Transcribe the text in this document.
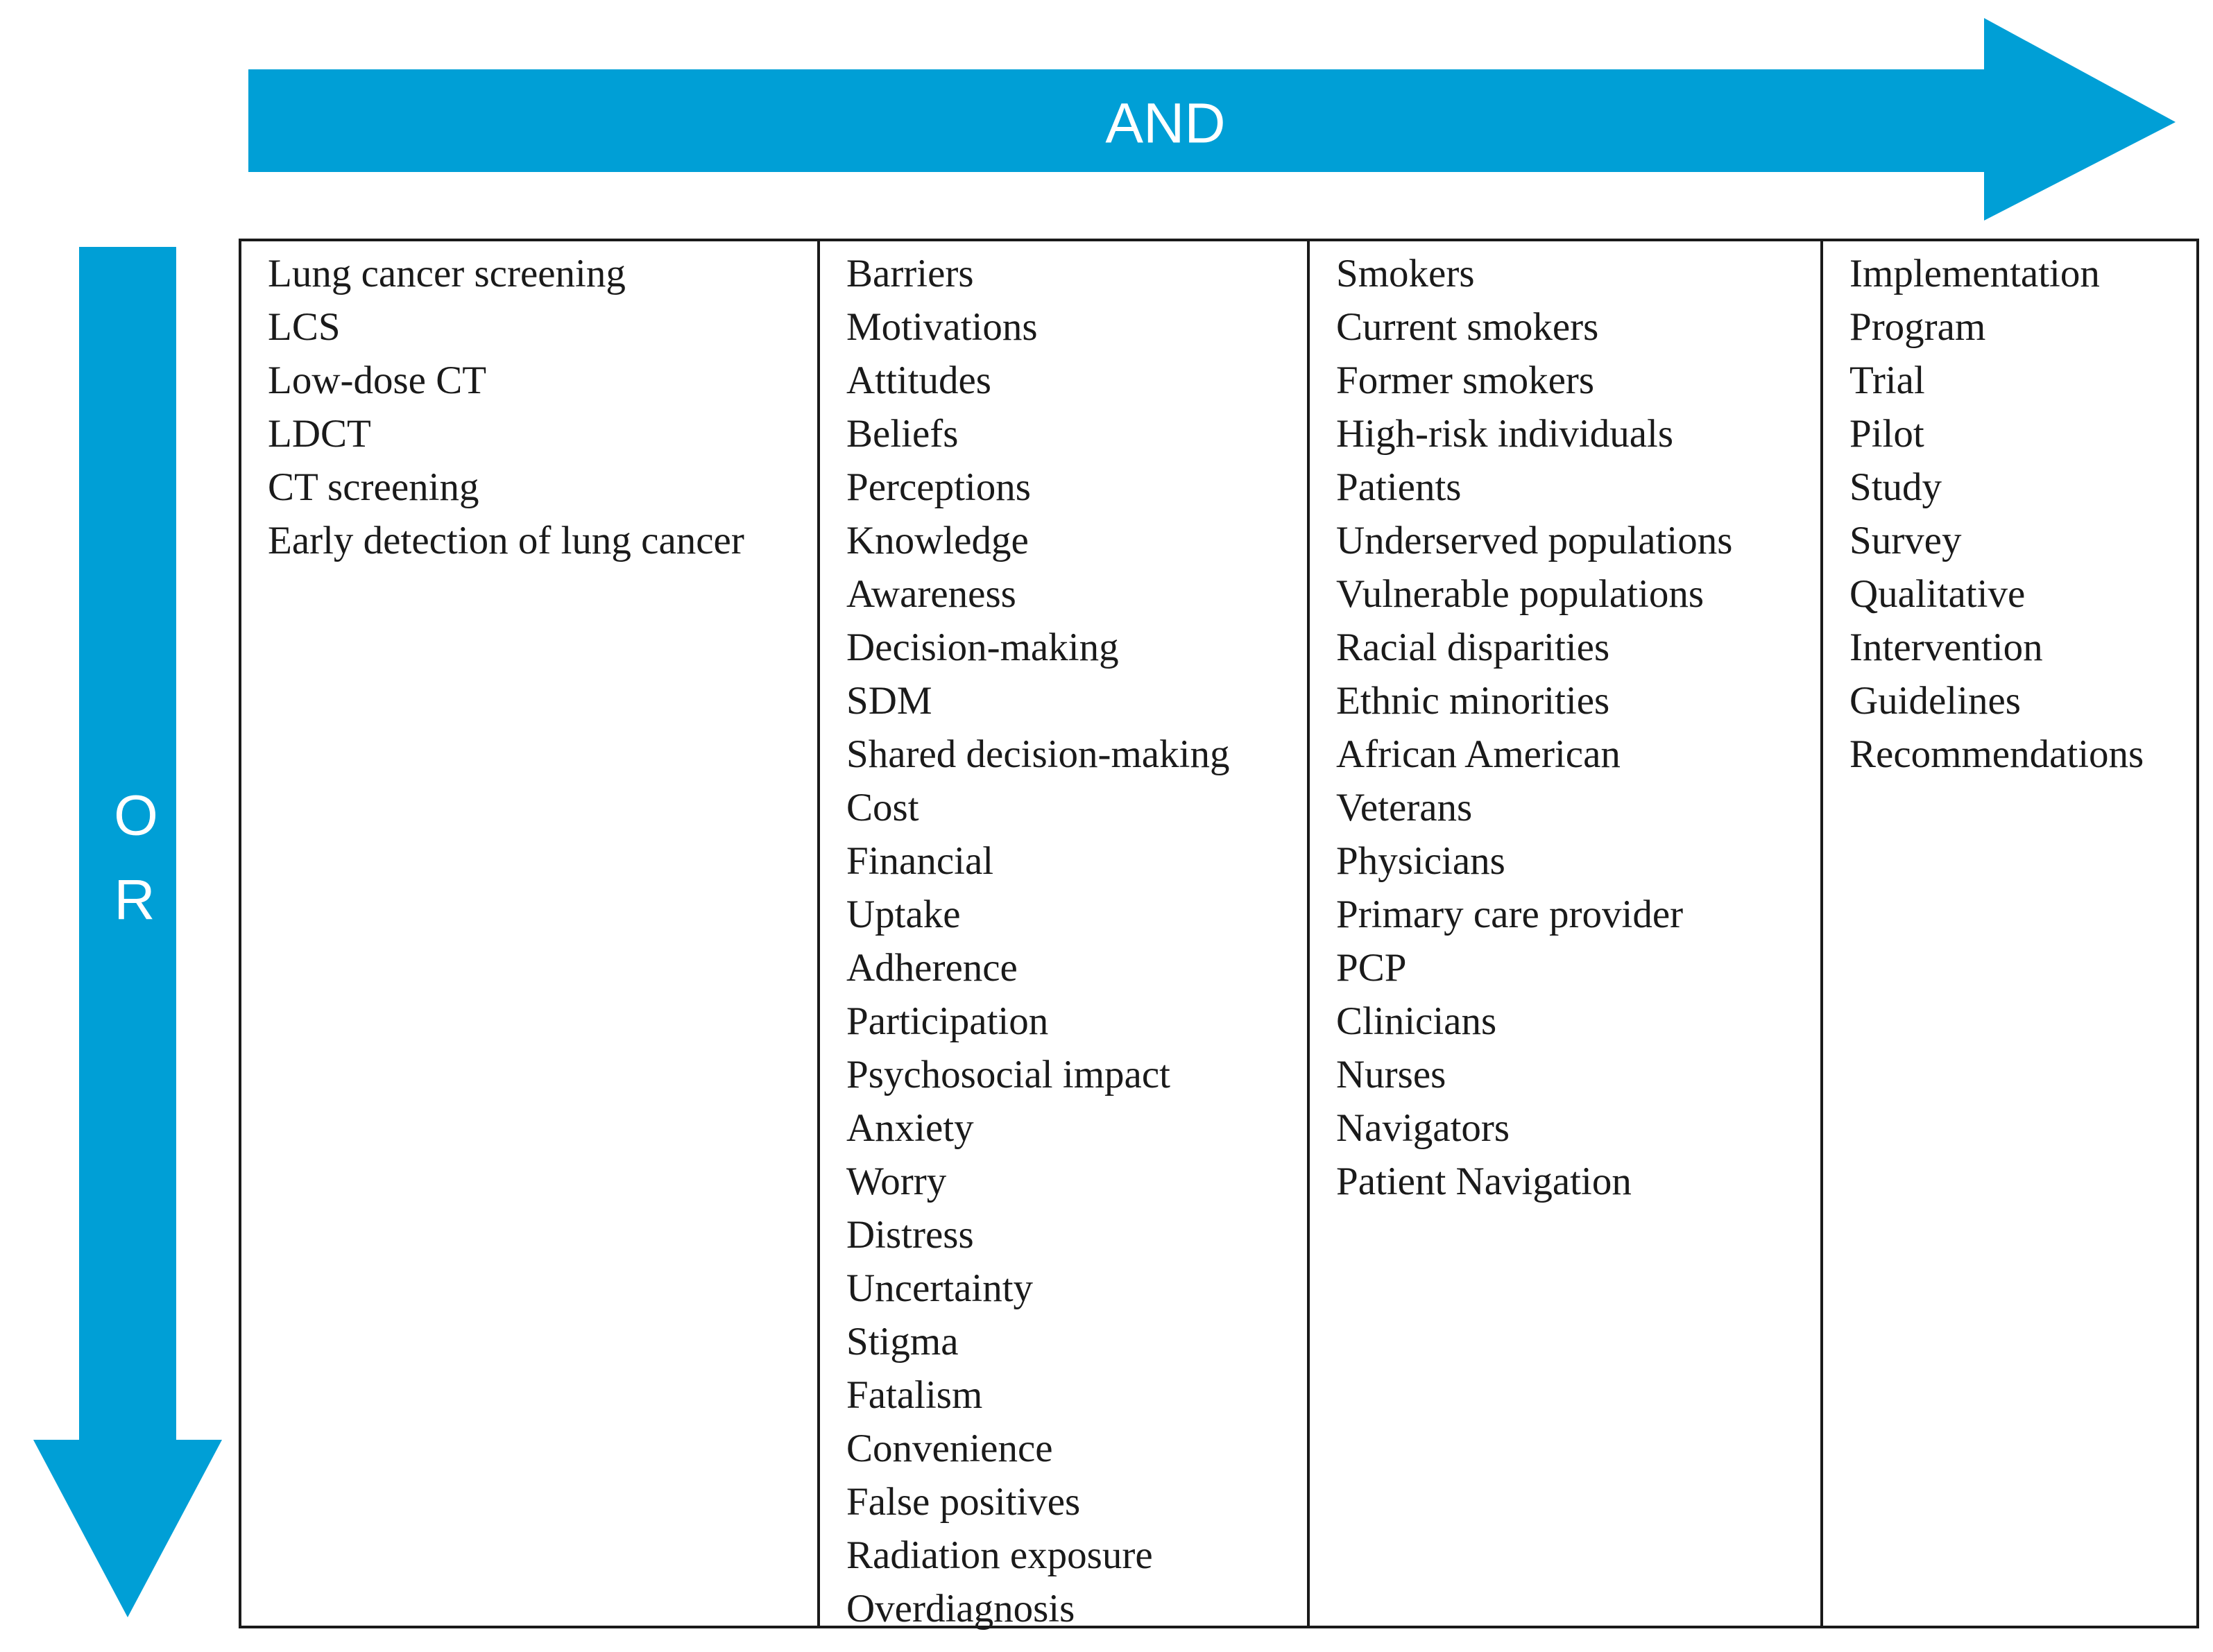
AND
O
R
Lung cancer screening
LCS
Low-dose CT
LDCT
CT screening
Early detection of lung cancer
Barriers
Motivations
Attitudes
Beliefs
Perceptions
Knowledge
Awareness
Decision-making
SDM
Shared decision-making
Cost
Financial
Uptake
Adherence
Participation
Psychosocial impact
Anxiety
Worry
Distress
Uncertainty
Stigma
Fatalism
Convenience
False positives
Radiation exposure
Overdiagnosis
Smokers
Current smokers
Former smokers
High-risk individuals
Patients
Underserved populations
Vulnerable populations
Racial disparities
Ethnic minorities
African American
Veterans
Physicians
Primary care provider
PCP
Clinicians
Nurses
Navigators
Patient Navigation
Implementation
Program
Trial
Pilot
Study
Survey
Qualitative
Intervention
Guidelines
Recommendations
